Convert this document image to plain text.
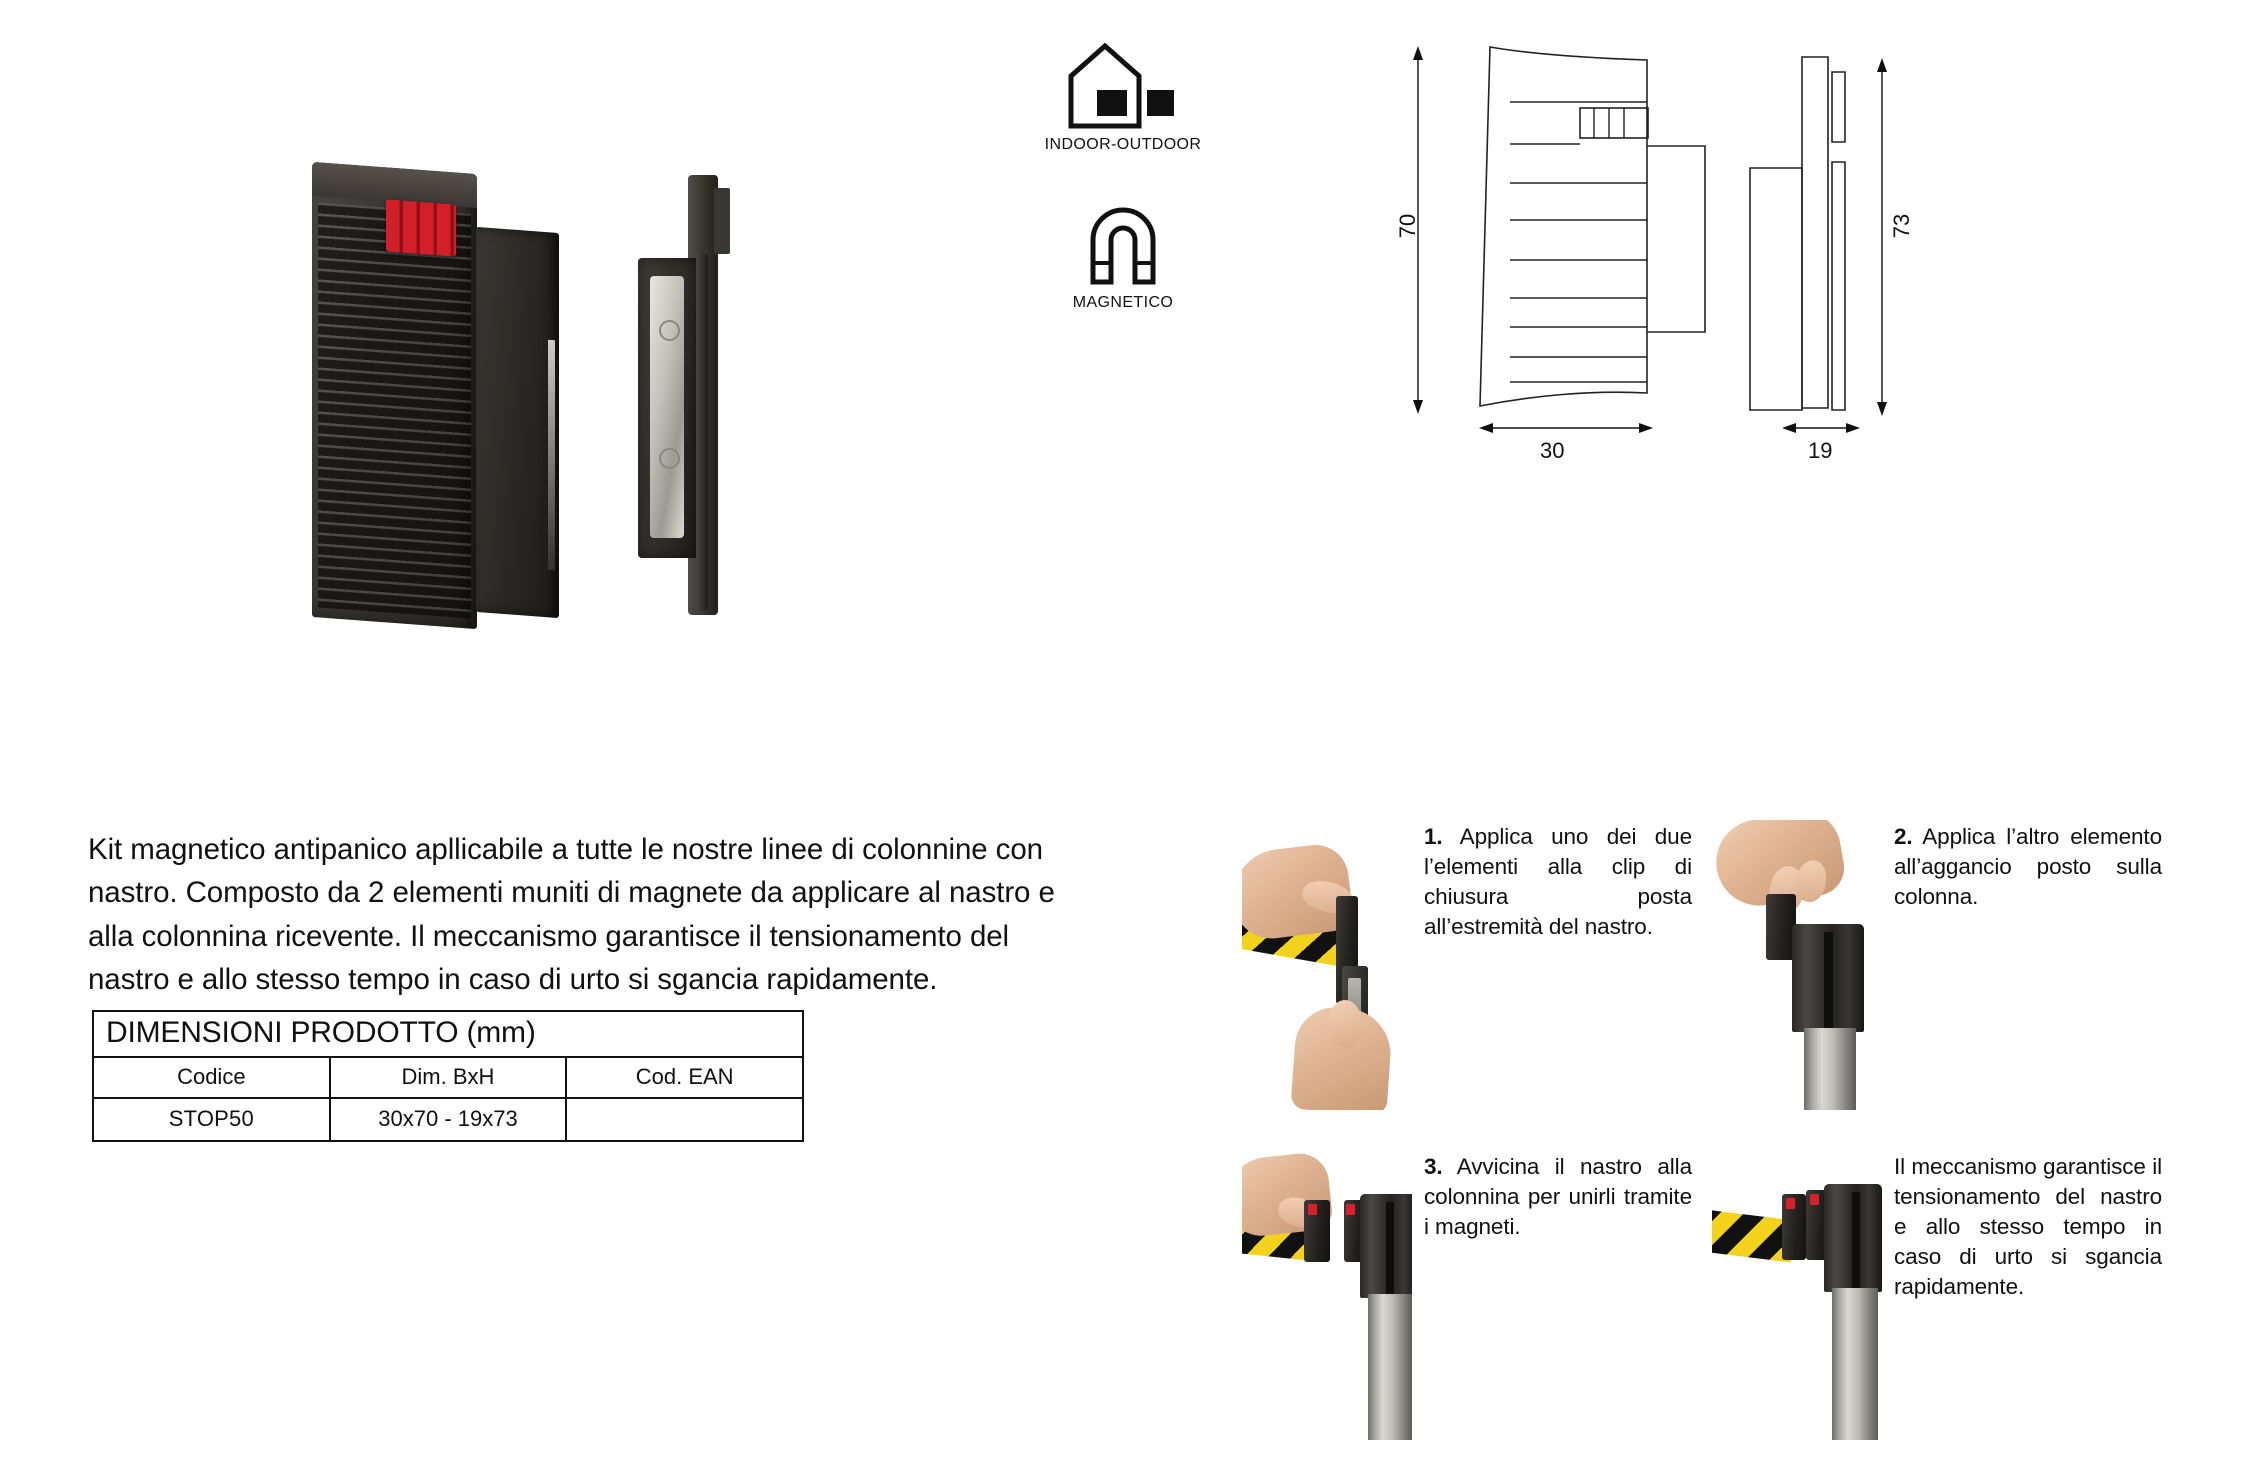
INDOOR-OUTDOOR
MAGNETICO
70
30
73
19
Kit magnetico antipanico apllicabile a tutte le nostre linee di colonnine con nastro. Composto da 2 elementi muniti di magnete da applicare al nastro e alla colonnina ricevente. Il meccanismo garantisce il tensionamento del nastro e allo stesso tempo in caso di urto si sgancia rapidamente.
DIMENSIONI PRODOTTO (mm)		
Codice	Dim. BxH	Cod. EAN
STOP50	30x70 - 19x73	
1. Applica uno dei due l’elementi alla clip di chiusura posta all’estremità del nastro.
2. Applica l’altro elemento all’aggancio posto sulla colonna.
3. Avvicina il nastro alla colonnina per unirli tramite i magneti.
Il meccanismo garantisce il tensionamento del nastro e allo stesso tempo in caso di urto si sgancia rapidamente.
